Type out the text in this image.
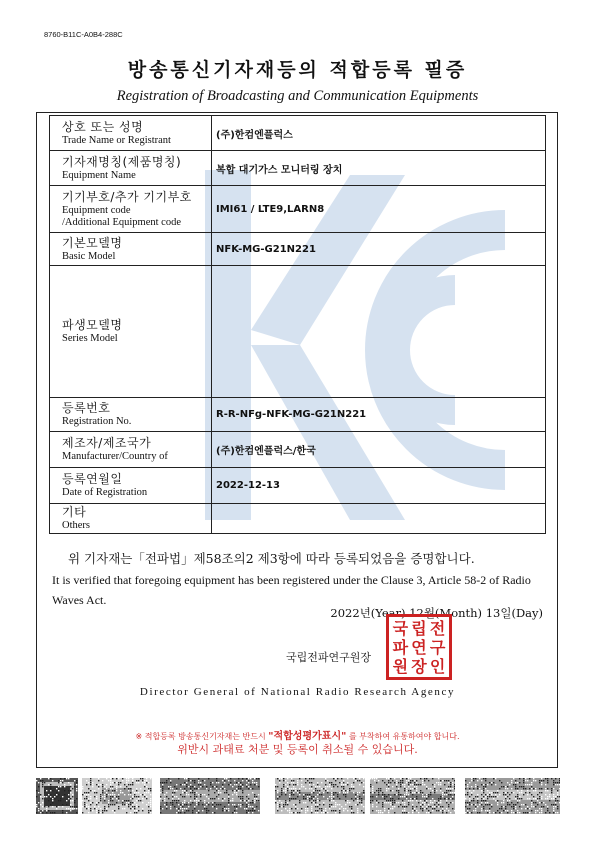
8760-B11C-A0B4-288C
방송통신기자재등의 적합등록 필증
Registration of Broadcasting and Communication Equipments
상호 또는 성명
Trade Name or Registrant	(주)한컴엔플럭스

기자재명칭(제품명칭)
Equipment Name	복합 대기가스 모니터링 장치

기기부호/추가 기기부호
Equipment code
/Additional Equipment code	IMI61 / LTE9,LARN8

기본모델명
Basic Model	NFK-MG-G21N221

파생모델명
Series Model	

등록번호
Registration No.	R-R-NFg-NFK-MG-G21N221

제조자/제조국가
Manufacturer/Country of	(주)한컴엔플럭스/한국

등록연월일
Date of Registration	2022-12-13

기타
Others	

위 기자재는「전파법」제58조의2 제3항에 따라 등록되었음을 증명합니다.
It is verified that foregoing equipment has been registered under the Clause 3, Article 58-2 of Radio Waves Act.
2022년(Year) 12월(Month) 13일(Day)
국립전파연구원장
국 립 전
파 연 구
원 장 인
Director General of National Radio Research Agency
※ 적합등록 방송통신기자재는 반드시 "적합성평가표시" 를 부착하여 유통하여야 합니다.
위반시 과태료 처분 및 등록이 취소될 수 있습니다.
